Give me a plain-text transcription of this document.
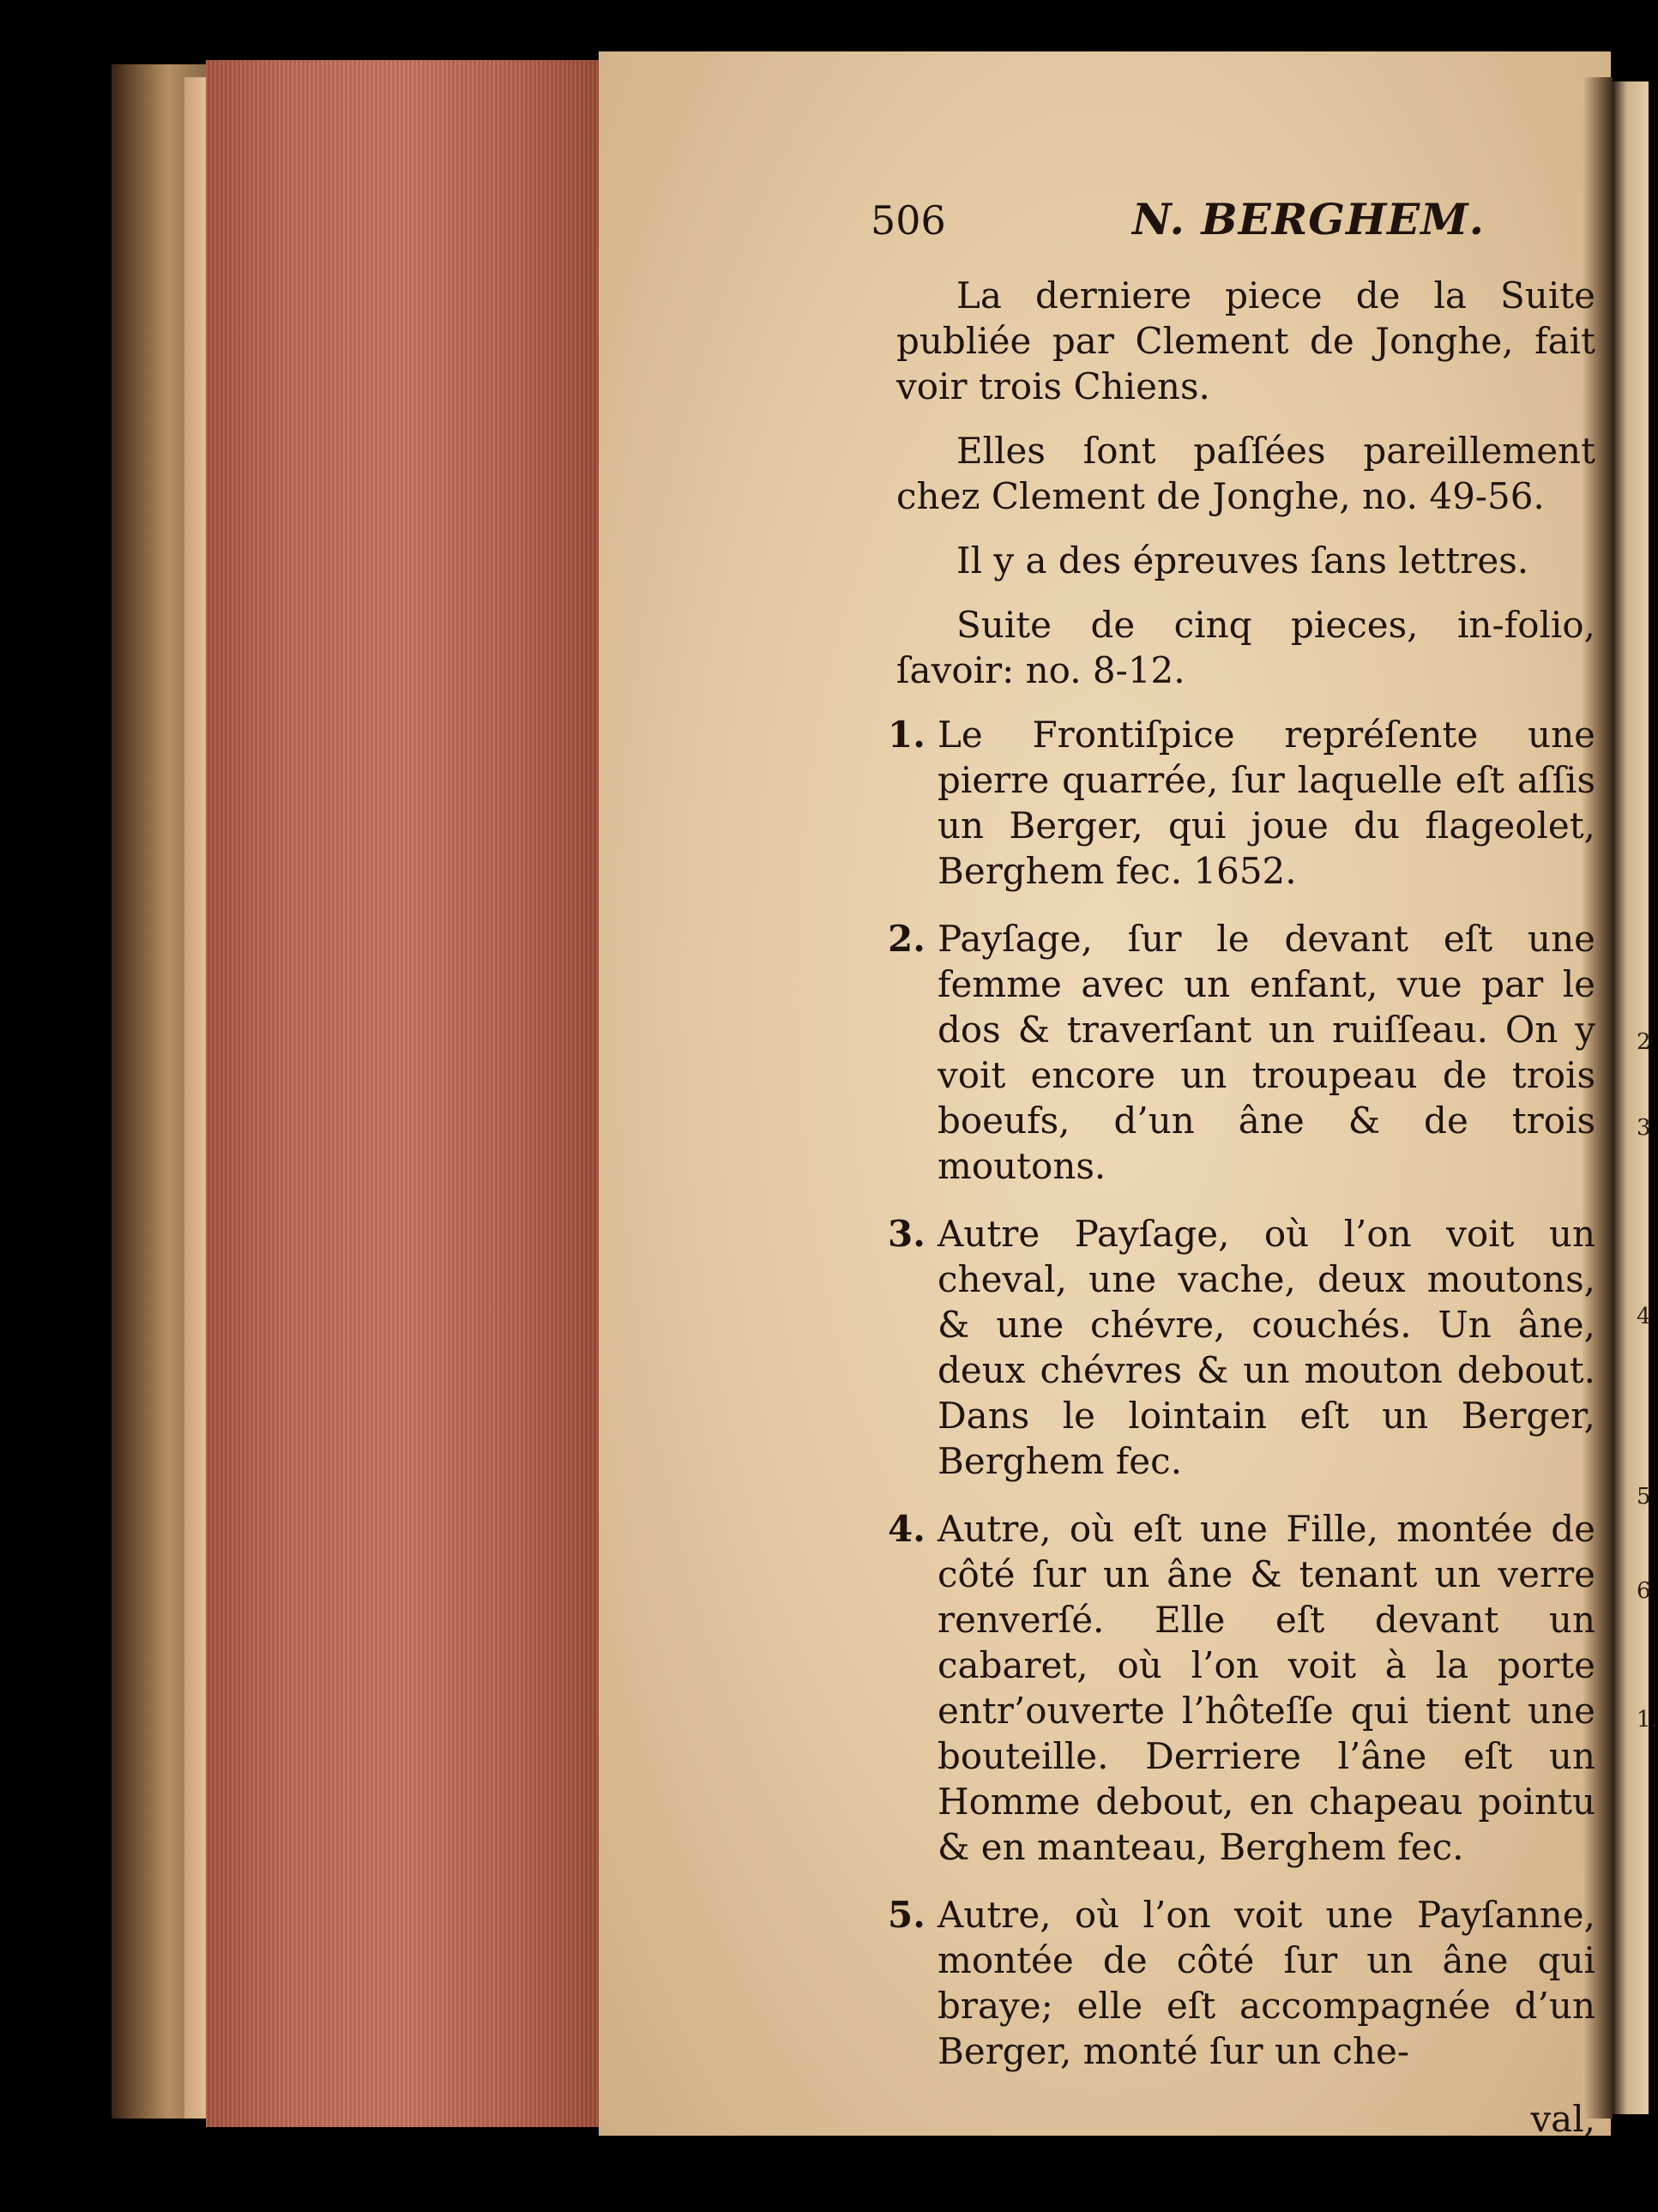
2
3
4
5
6
1.
506	N. BERGHEM.

La derniere piece de la Suite publiée par Clement de Jonghe, fait voir trois Chiens.

Elles ſont paſſées pareillement chez Clement de Jonghe, no. 49-56.

Il y a des épreuves ſans lettres.

Suite de cinq pieces, in-folio, ſavoir: no. 8-12.

1. Le Frontiſpice repréſente une pierre quarrée, ſur laquelle eſt aſſis un Berger, qui joue du flageolet, Berghem fec. 1652.
2. Payſage, ſur le devant eſt une femme avec un enfant, vue par le dos & traverſant un ruiſſeau. On y voit encore un troupeau de trois boeufs, d’un âne & de trois moutons.
3. Autre Payſage, où l’on voit un cheval, une vache, deux moutons, & une chévre, couchés. Un âne, deux chévres & un mouton debout. Dans le lointain eſt un Berger, Berghem fec.
4. Autre, où eſt une Fille, montée de côté ſur un âne & tenant un verre renverſé. Elle eſt devant un cabaret, où l’on voit à la porte entr’ouverte l’hôteſſe qui tient une bouteille. Derriere l’âne eſt un Homme debout, en chapeau pointu & en manteau, Berghem fec.
5. Autre, où l’on voit une Payſanne, montée de côté ſur un âne qui braye; elle eſt accompagnée d’un Berger, monté ſur un che-
val,
